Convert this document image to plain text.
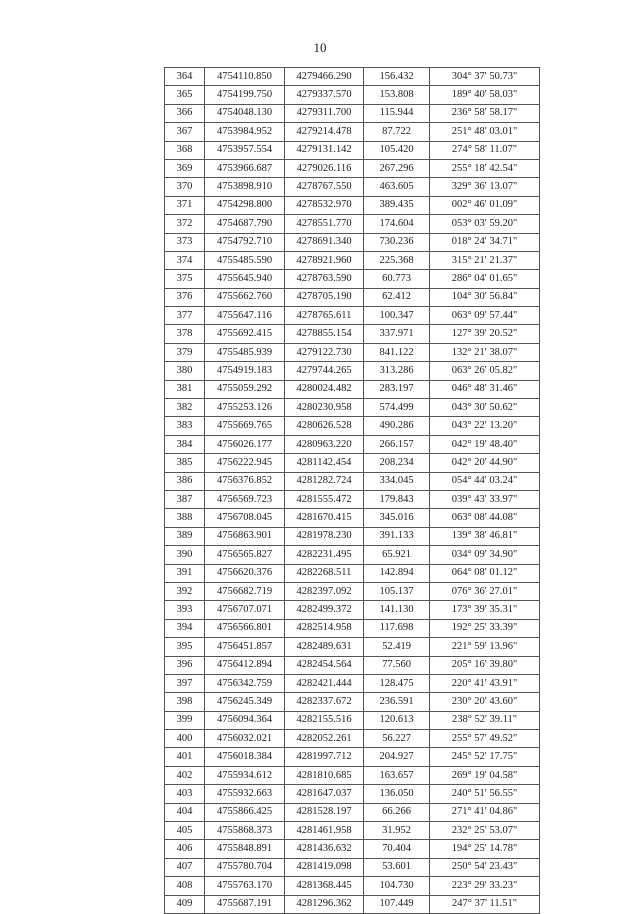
10
364	4754110.850	4279466.290	156.432	304° 37' 50.73"
365	4754199.750	4279337.570	153.808	189° 40' 58.03"
366	4754048.130	4279311.700	115.944	236° 58' 58.17"
367	4753984.952	4279214.478	87.722	251° 48' 03.01"
368	4753957.554	4279131.142	105.420	274° 58' 11.07"
369	4753966.687	4279026.116	267.296	255° 18' 42.54"
370	4753898.910	4278767.550	463.605	329° 36' 13.07"
371	4754298.800	4278532.970	389.435	002° 46' 01.09"
372	4754687.790	4278551.770	174.604	053° 03' 59.20"
373	4754792.710	4278691.340	730.236	018° 24' 34.71"
374	4755485.590	4278921.960	225.368	315° 21' 21.37"
375	4755645.940	4278763.590	60.773	286° 04' 01.65"
376	4755662.760	4278705.190	62.412	104° 30' 56.84"
377	4755647.116	4278765.611	100.347	063° 09' 57.44"
378	4755692.415	4278855.154	337.971	127° 39' 20.52"
379	4755485.939	4279122.730	841.122	132° 21' 38.07"
380	4754919.183	4279744.265	313.286	063° 26' 05.82"
381	4755059.292	4280024.482	283.197	046° 48' 31.46"
382	4755253.126	4280230.958	574.499	043° 30' 50.62"
383	4755669.765	4280626.528	490.286	043° 22' 13.20"
384	4756026.177	4280963.220	266.157	042° 19' 48.40"
385	4756222.945	4281142.454	208.234	042° 20' 44.90"
386	4756376.852	4281282.724	334.045	054° 44' 03.24"
387	4756569.723	4281555.472	179.843	039° 43' 33.97"
388	4756708.045	4281670.415	345.016	063° 08' 44.08"
389	4756863.901	4281978.230	391.133	139° 38' 46.81"
390	4756565.827	4282231.495	65.921	034° 09' 34.90"
391	4756620.376	4282268.511	142.894	064° 08' 01.12"
392	4756682.719	4282397.092	105.137	076° 36' 27.01"
393	4756707.071	4282499.372	141.130	173° 39' 35.31"
394	4756566.801	4282514.958	117.698	192° 25' 33.39"
395	4756451.857	4282489.631	52.419	221° 59' 13.96"
396	4756412.894	4282454.564	77.560	205° 16' 39.80"
397	4756342.759	4282421.444	128.475	220° 41' 43.91"
398	4756245.349	4282337.672	236.591	230° 20' 43.60"
399	4756094.364	4282155.516	120.613	238° 52' 39.11"
400	4756032.021	4282052.261	56.227	255° 57' 49.52"
401	4756018.384	4281997.712	204.927	245° 52' 17.75"
402	4755934.612	4281810.685	163.657	269° 19' 04.58"
403	4755932.663	4281647.037	136.050	240° 51' 56.55"
404	4755866.425	4281528.197	66.266	271° 41' 04.86"
405	4755868.373	4281461.958	31.952	232° 25' 53.07"
406	4755848.891	4281436.632	70.404	194° 25' 14.78"
407	4755780.704	4281419.098	53.601	250° 54' 23.43"
408	4755763.170	4281368.445	104.730	223° 29' 33.23"
409	4755687.191	4281296.362	107.449	247° 37' 11.51"
